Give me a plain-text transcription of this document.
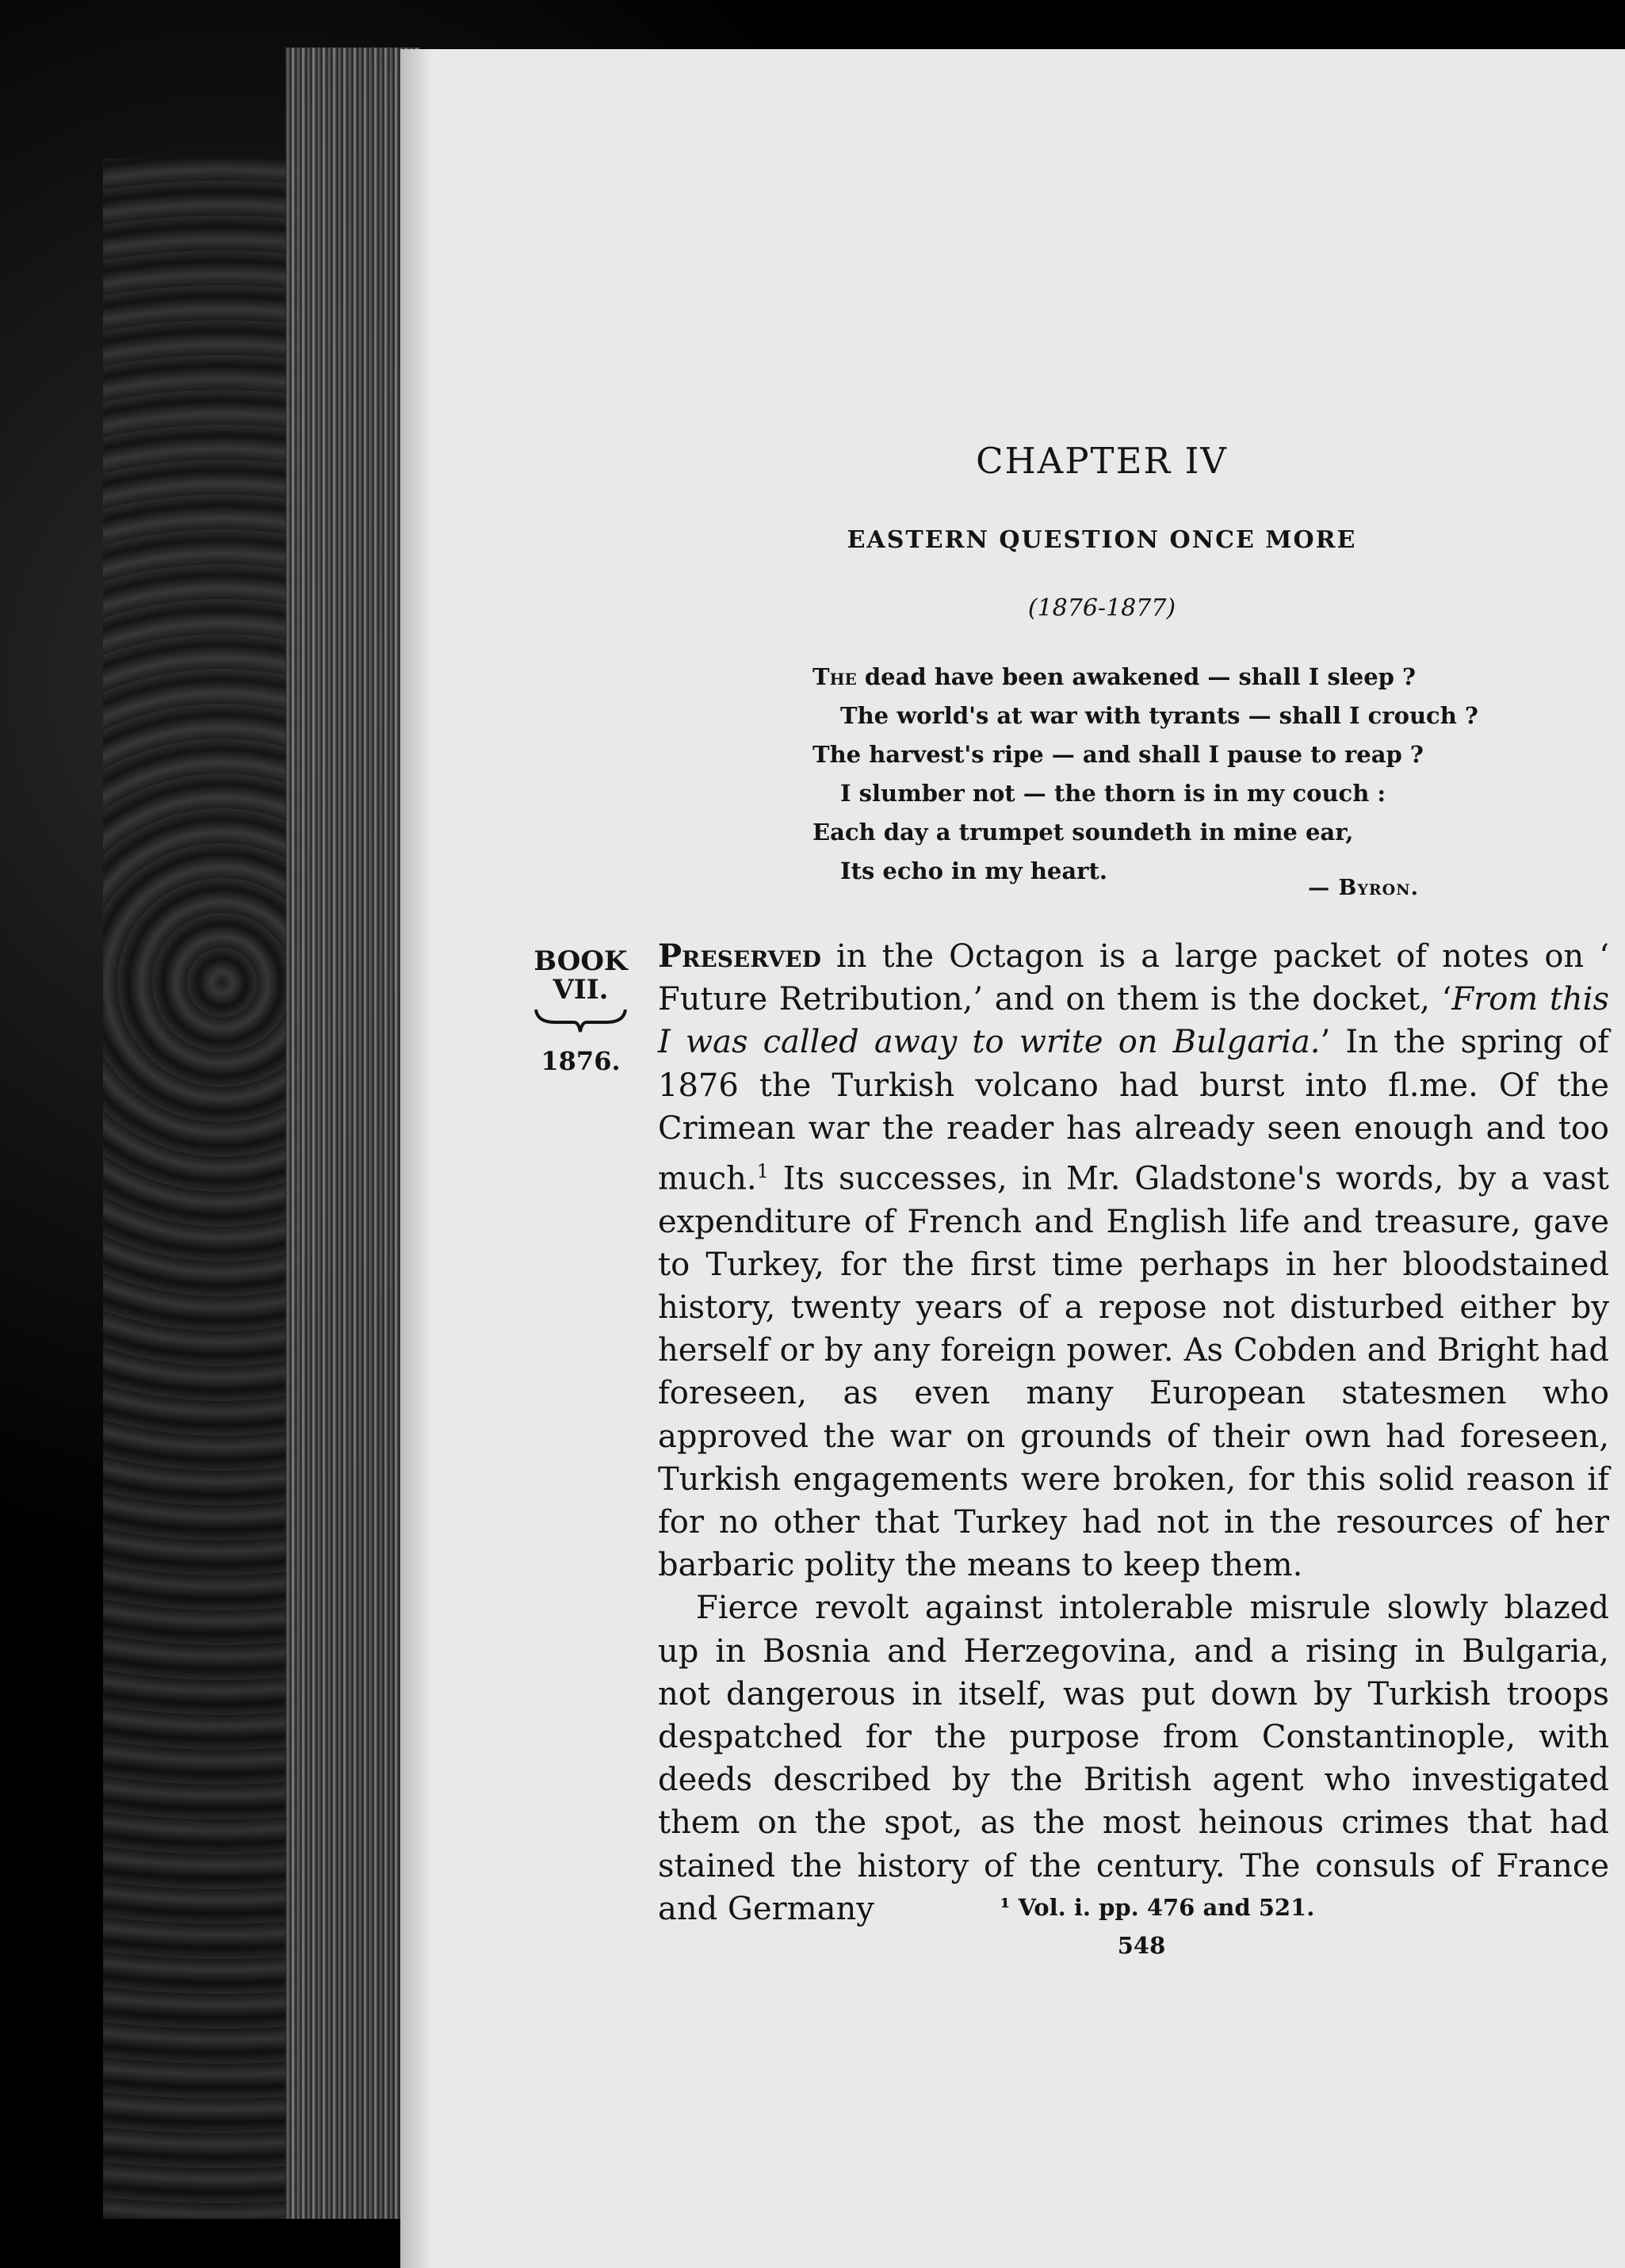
CHAPTER IV
EASTERN QUESTION ONCE MORE
(1876-1877)
The dead have been awakened — shall I sleep ?
The world's at war with tyrants — shall I crouch ?
The harvest's ripe — and shall I pause to reap ?
I slumber not — the thorn is in my couch :
Each day a trumpet soundeth in mine ear,
Its echo in my heart.
— Byron.
BOOK
VII.
1876.

Preserved in the Octagon is a large packet of notes on ‘ Future Retribution,’ and on them is the docket, ‘From this I was called away to write on Bulgaria.’ In the spring of 1876 the Turkish volcano had burst into fl.me. Of the Crimean war the reader has already seen enough and too much.$^1$ Its successes, in Mr. Gladstone's words, by a vast expenditure of French and English life and treasure, gave to Turkey, for the first time perhaps in her bloodstained history, twenty years of a repose not disturbed either by herself or by any foreign power. As Cobden and Bright had foreseen, as even many European statesmen who approved the war on grounds of their own had foreseen, Turkish engagements were broken, for this solid reason if for no other that Turkey had not in the resources of her barbaric polity the means to keep them.

Fierce revolt against intolerable misrule slowly blazed up in Bosnia and Herzegovina, and a rising in Bulgaria, not dangerous in itself, was put down by Turkish troops despatched for the purpose from Constantinople, with deeds described by the British agent who investigated them on the spot, as the most heinous crimes that had stained the history of the century. The consuls of France and Germany	¹ Vol. i. pp. 476 and 521.
548
